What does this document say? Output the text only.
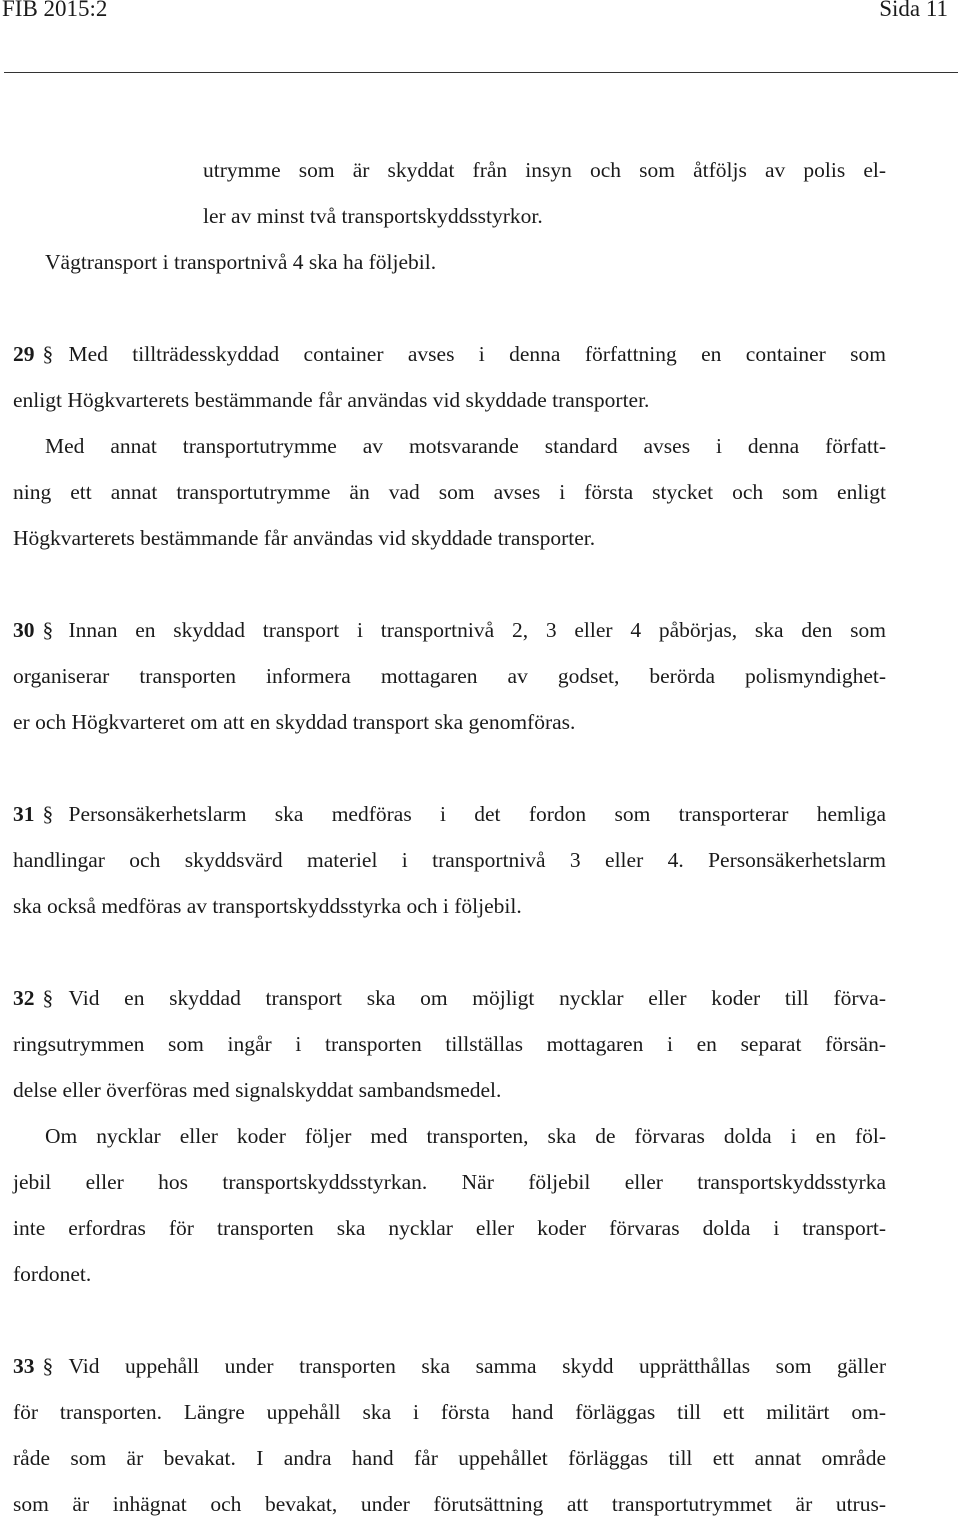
FIB 2015:2	Sida 11
utrymme som är skyddat från insyn och som åtföljs av polis el-
ler av minst två transportskyddsstyrkor.
Vägtransport i transportnivå 4 ska ha följebil.
29 § Med tillträdesskyddad container avses i denna författning en container som
enligt Högkvarterets bestämmande får användas vid skyddade transporter.
Med annat transportutrymme av motsvarande standard avses i denna författ-
ning ett annat transportutrymme än vad som avses i första stycket och som enligt
Högkvarterets bestämmande får användas vid skyddade transporter.
30 § Innan en skyddad transport i transportnivå 2, 3 eller 4 påbörjas, ska den som
organiserar transporten informera mottagaren av godset, berörda polismyndighet-
er och Högkvarteret om att en skyddad transport ska genomföras.
31 § Personsäkerhetslarm ska medföras i det fordon som transporterar hemliga
handlingar och skyddsvärd materiel i transportnivå 3 eller 4. Personsäkerhetslarm
ska också medföras av transportskyddsstyrka och i följebil.
32 § Vid en skyddad transport ska om möjligt nycklar eller koder till förva-
ringsutrymmen som ingår i transporten tillställas mottagaren i en separat försän-
delse eller överföras med signalskyddat sambandsmedel.
Om nycklar eller koder följer med transporten, ska de förvaras dolda i en föl-
jebil eller hos transportskyddsstyrkan. När följebil eller transportskyddsstyrka
inte erfordras för transporten ska nycklar eller koder förvaras dolda i transport-
fordonet.
33 § Vid uppehåll under transporten ska samma skydd upprätthållas som gäller
för transporten. Längre uppehåll ska i första hand förläggas till ett militärt om-
råde som är bevakat. I andra hand får uppehållet förläggas till ett annat område
som är inhägnat och bevakat, under förutsättning att transportutrymmet är utrus-
